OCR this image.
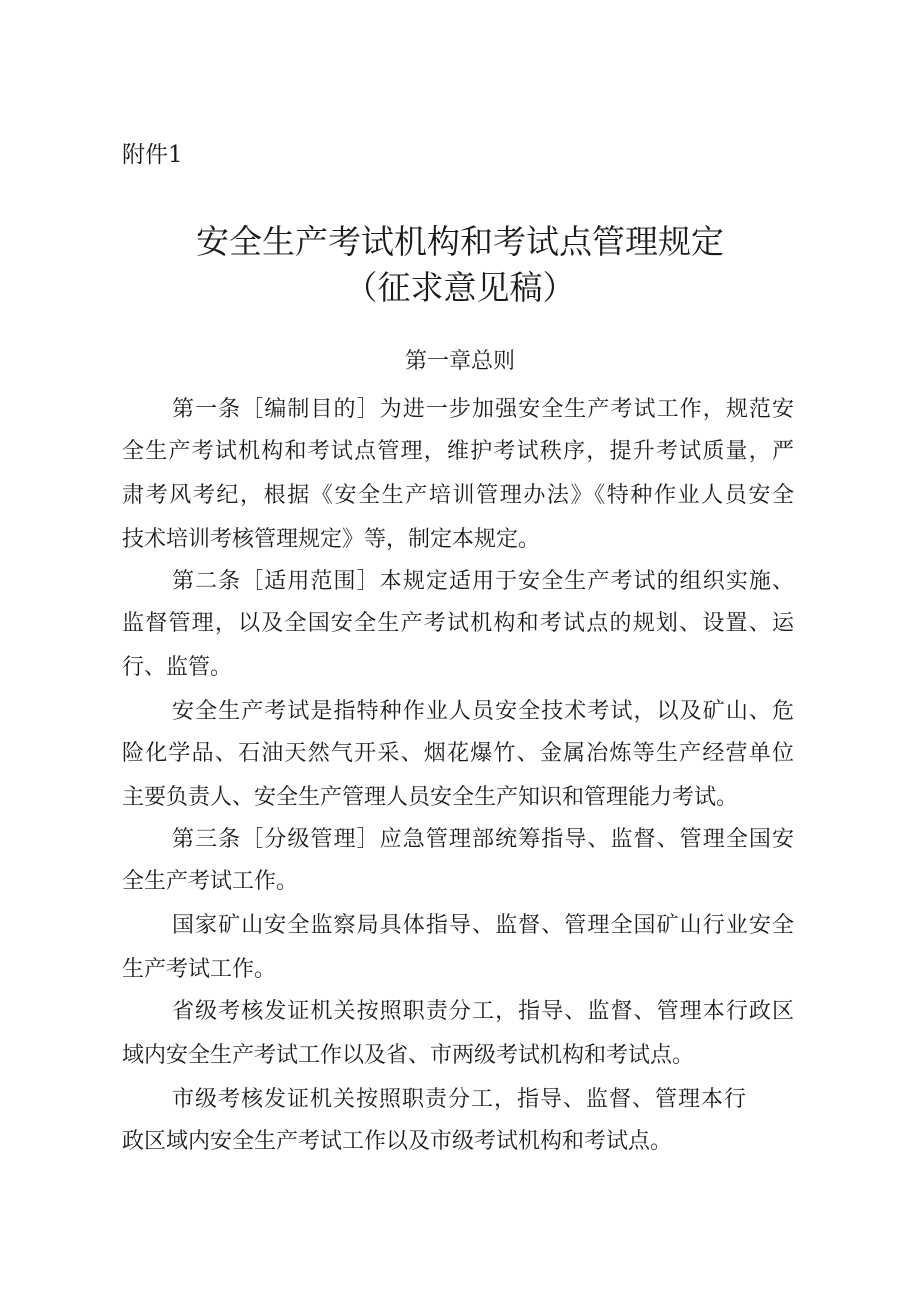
附件1
安全生产考试机构和考试点管理规定
（征求意见稿）
第一章总则
第一条［编制目的］为进一步加强安全生产考试工作，规范安
全生产考试机构和考试点管理，维护考试秩序，提升考试质量，严
肃考风考纪，根据《安全生产培训管理办法》《特种作业人员安全
技术培训考核管理规定》等，制定本规定。
第二条［适用范围］本规定适用于安全生产考试的组织实施、
监督管理，以及全国安全生产考试机构和考试点的规划、设置、运
行、监管。
安全生产考试是指特种作业人员安全技术考试，以及矿山、危
险化学品、石油天然气开采、烟花爆竹、金属冶炼等生产经营单位
主要负责人、安全生产管理人员安全生产知识和管理能力考试。
第三条［分级管理］应急管理部统筹指导、监督、管理全国安
全生产考试工作。
国家矿山安全监察局具体指导、监督、管理全国矿山行业安全
生产考试工作。
省级考核发证机关按照职责分工，指导、监督、管理本行政区
域内安全生产考试工作以及省、市两级考试机构和考试点。
市级考核发证机关按照职责分工，指导、监督、管理本行
政区域内安全生产考试工作以及市级考试机构和考试点。
